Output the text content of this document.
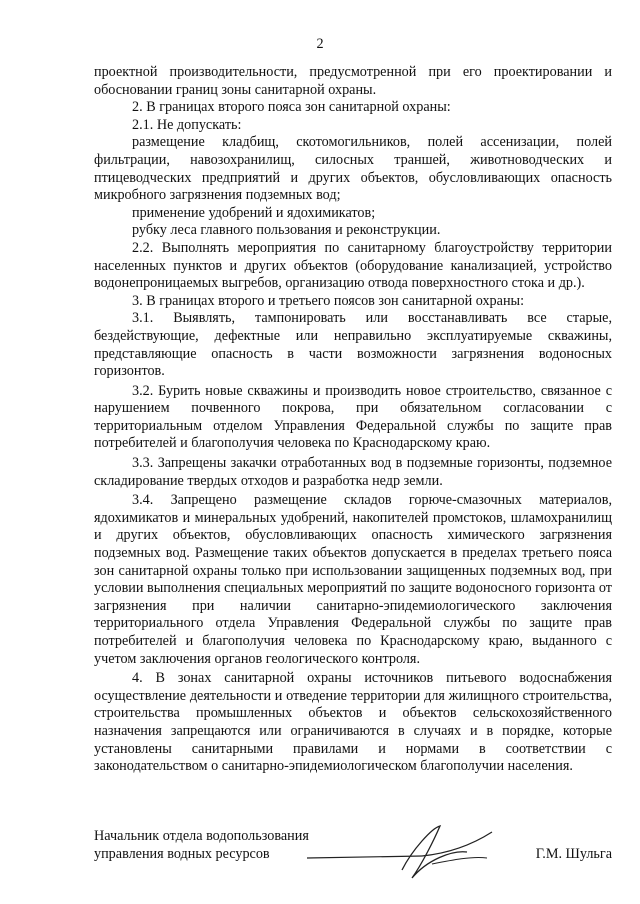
2

проектной производительности, предусмотренной при его проектировании и обосновании границ зоны санитарной охраны.

2. В границах второго пояса зон санитарной охраны:

2.1. Не допускать:

размещение кладбищ, скотомогильников, полей ассенизации, полей фильтрации, навозохранилищ, силосных траншей, животноводческих и птицеводческих предприятий и других объектов, обусловливающих опасность микробного загрязнения подземных вод;

применение удобрений и ядохимикатов;

рубку леса главного пользования и реконструкции.

2.2. Выполнять мероприятия по санитарному благоустройству территории населенных пунктов и других объектов (оборудование канализацией, устройство водонепроницаемых выгребов, организацию отвода поверхностного стока и др.).

3. В границах второго и третьего поясов зон санитарной охраны:

3.1. Выявлять, тампонировать или восстанавливать все старые, бездействующие, дефектные или неправильно эксплуатируемые скважины, представляющие опасность в части возможности загрязнения водоносных горизонтов.

3.2. Бурить новые скважины и производить новое строительство, связанное с нарушением почвенного покрова, при обязательном согласовании с территориальным отделом Управления Федеральной службы по защите прав потребителей и благополучия человека по Краснодарскому краю.

3.3. Запрещены закачки отработанных вод в подземные горизонты, подземное складирование твердых отходов и разработка недр земли.

3.4. Запрещено размещение складов горюче-смазочных материалов, ядохимикатов и минеральных удобрений, накопителей промстоков, шламохранилищ и других объектов, обусловливающих опасность химического загрязнения подземных вод. Размещение таких объектов допускается в пределах третьего пояса зон санитарной охраны только при использовании защищенных подземных вод, при условии выполнения специальных мероприятий по защите водоносного горизонта от загрязнения при наличии санитарно-эпидемиологического заключения территориального отдела Управления Федеральной службы по защите прав потребителей и благополучия человека по Краснодарскому краю, выданного с учетом заключения органов геологического контроля.

4. В зонах санитарной охраны источников питьевого водоснабжения осуществление деятельности и отведение территории для жилищного строительства, строительства промышленных объектов и объектов сельскохозяйственного назначения запрещаются или ограничиваются в случаях и в порядке, которые установлены санитарными правилами и нормами в соответствии с законодательством о санитарно-эпидемиологическом благополучии населения.

Начальник отдела водопользования
управления водных ресурсов	Г.М. Шульга
